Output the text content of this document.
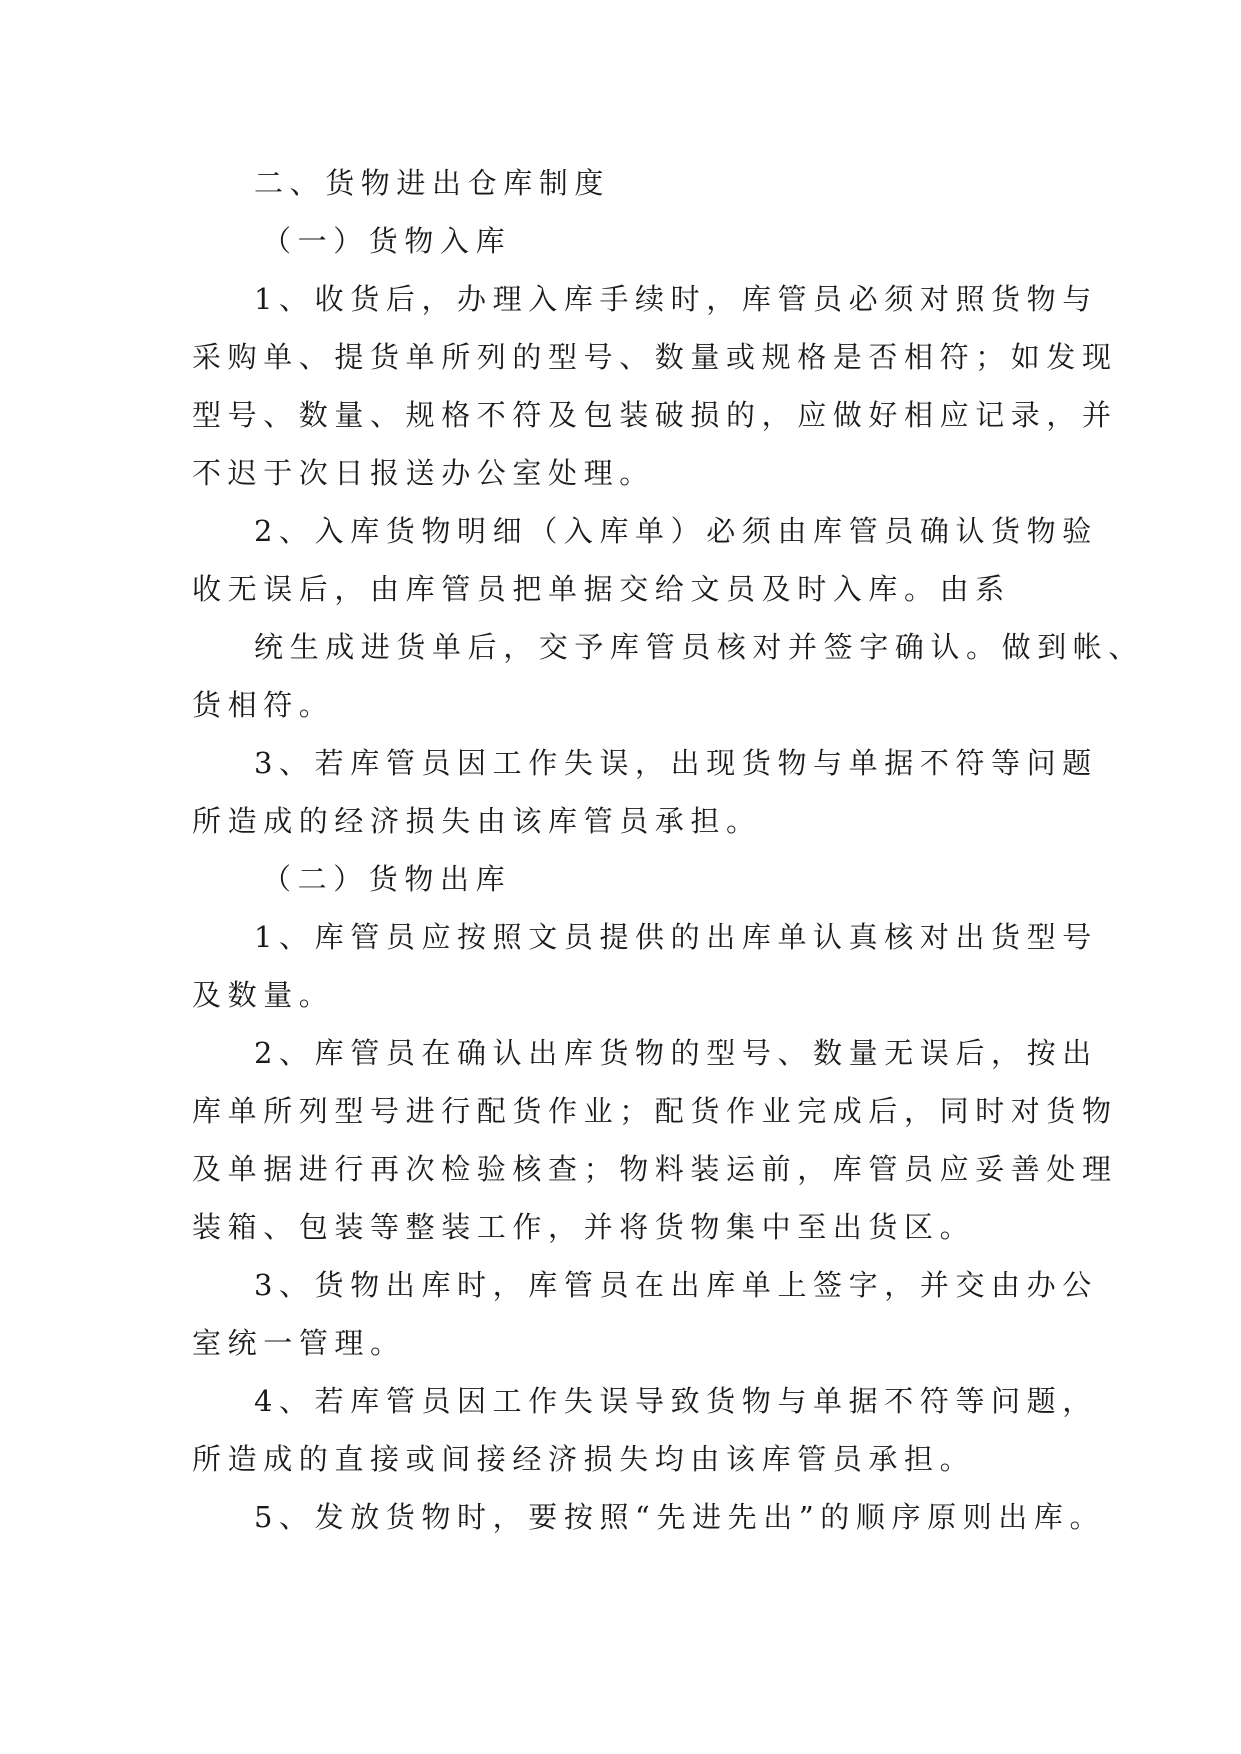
二、货物进出仓库制度

（一）货物入库

1、收货后，办理入库手续时，库管员必须对照货物与

采购单、提货单所列的型号、数量或规格是否相符；如发现

型号、数量、规格不符及包装破损的，应做好相应记录，并

不迟于次日报送办公室处理。

2、入库货物明细（入库单）必须由库管员确认货物验

收无误后，由库管员把单据交给文员及时入库。由系

统生成进货单后，交予库管员核对并签字确认。做到帐、

货相符。

3、若库管员因工作失误，出现货物与单据不符等问题

所造成的经济损失由该库管员承担。

（二）货物出库

1、库管员应按照文员提供的出库单认真核对出货型号

及数量。

2、库管员在确认出库货物的型号、数量无误后，按出

库单所列型号进行配货作业；配货作业完成后，同时对货物

及单据进行再次检验核查；物料装运前，库管员应妥善处理

装箱、包装等整装工作，并将货物集中至出货区。

3、货物出库时，库管员在出库单上签字，并交由办公

室统一管理。

4、若库管员因工作失误导致货物与单据不符等问题，

所造成的直接或间接经济损失均由该库管员承担。

5、发放货物时，要按照“先进先出”的顺序原则出库。
